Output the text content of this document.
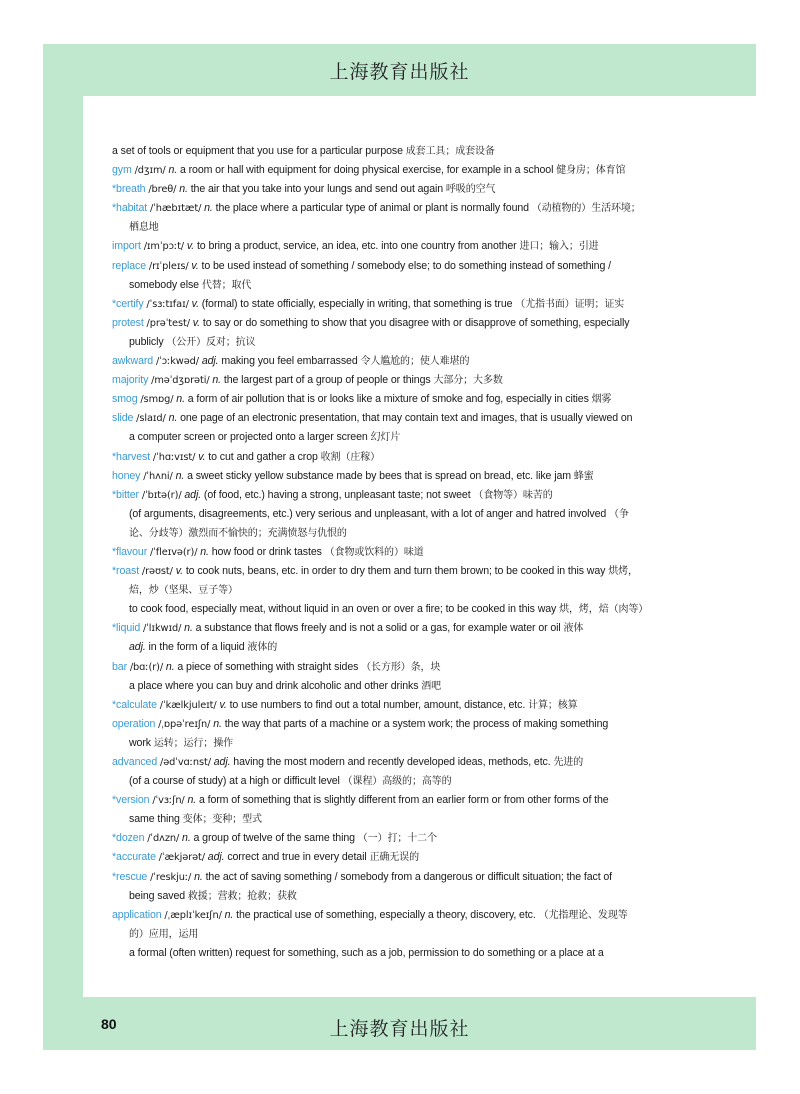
上海教育出版社
80	上海教育出版社
a set of tools or equipment that you use for a particular purpose 成套工具；成套设备
gym /dʒɪm/ n. a room or hall with equipment for doing physical exercise, for example in a school 健身房；体育馆
*breath /breθ/ n. the air that you take into your lungs and send out again 呼吸的空气
*habitat /ˈhæbɪtæt/ n. the place where a particular type of animal or plant is normally found （动植物的）生活环境；
栖息地
import /ɪmˈpɔːt/ v. to bring a product, service, an idea, etc. into one country from another 进口；输入；引进
replace /rɪˈpleɪs/ v. to be used instead of something / somebody else; to do something instead of something /
somebody else 代替；取代
*certify /ˈsɜːtɪfaɪ/ v. (formal) to state officially, especially in writing, that something is true （尤指书面）证明；证实
protest /prəˈtest/ v. to say or do something to show that you disagree with or disapprove of something, especially
publicly （公开）反对；抗议
awkward /ˈɔːkwəd/ adj. making you feel embarrassed 令人尴尬的；使人难堪的
majority /məˈdʒɒrəti/ n. the largest part of a group of people or things 大部分；大多数
smog /smɒg/ n. a form of air pollution that is or looks like a mixture of smoke and fog, especially in cities 烟雾
slide /slaɪd/ n. one page of an electronic presentation, that may contain text and images, that is usually viewed on
a computer screen or projected onto a larger screen 幻灯片
*harvest /ˈhɑːvɪst/ v. to cut and gather a crop 收割（庄稼）
honey /ˈhʌni/ n. a sweet sticky yellow substance made by bees that is spread on bread, etc. like jam 蜂蜜
*bitter /ˈbɪtə(r)/ adj. (of food, etc.) having a strong, unpleasant taste; not sweet （食物等）味苦的
(of arguments, disagreements, etc.) very serious and unpleasant, with a lot of anger and hatred involved （争
论、分歧等）激烈而不愉快的；充满愤怒与仇恨的
*flavour /ˈfleɪvə(r)/ n. how food or drink tastes （食物或饮料的）味道
*roast /rəʊst/ v. to cook nuts, beans, etc. in order to dry them and turn them brown; to be cooked in this way 烘烤，
焙，炒（坚果、豆子等）
to cook food, especially meat, without liquid in an oven or over a fire; to be cooked in this way 烘，烤，焙（肉等）
*liquid /ˈlɪkwɪd/ n. a substance that flows freely and is not a solid or a gas, for example water or oil 液体
adj. in the form of a liquid 液体的
bar /bɑː(r)/ n. a piece of something with straight sides （长方形）条，块
a place where you can buy and drink alcoholic and other drinks 酒吧
*calculate /ˈkælkjuleɪt/ v. to use numbers to find out a total number, amount, distance, etc. 计算；核算
operation /ˌɒpəˈreɪʃn/ n. the way that parts of a machine or a system work; the process of making something
work 运转；运行；操作
advanced /ədˈvɑːnst/ adj. having the most modern and recently developed ideas, methods, etc. 先进的
(of a course of study) at a high or difficult level （课程）高级的；高等的
*version /ˈvɜːʃn/ n. a form of something that is slightly different from an earlier form or from other forms of the
same thing 变体；变种；型式
*dozen /ˈdʌzn/ n. a group of twelve of the same thing （一）打；十二个
*accurate /ˈækjərət/ adj. correct and true in every detail 正确无误的
*rescue /ˈreskjuː/ n. the act of saving something / somebody from a dangerous or difficult situation; the fact of
being saved 救援；营救；抢救；获救
application /ˌæplɪˈkeɪʃn/ n. the practical use of something, especially a theory, discovery, etc. （尤指理论、发现等
的）应用，运用
a formal (often written) request for something, such as a job, permission to do something or a place at a
